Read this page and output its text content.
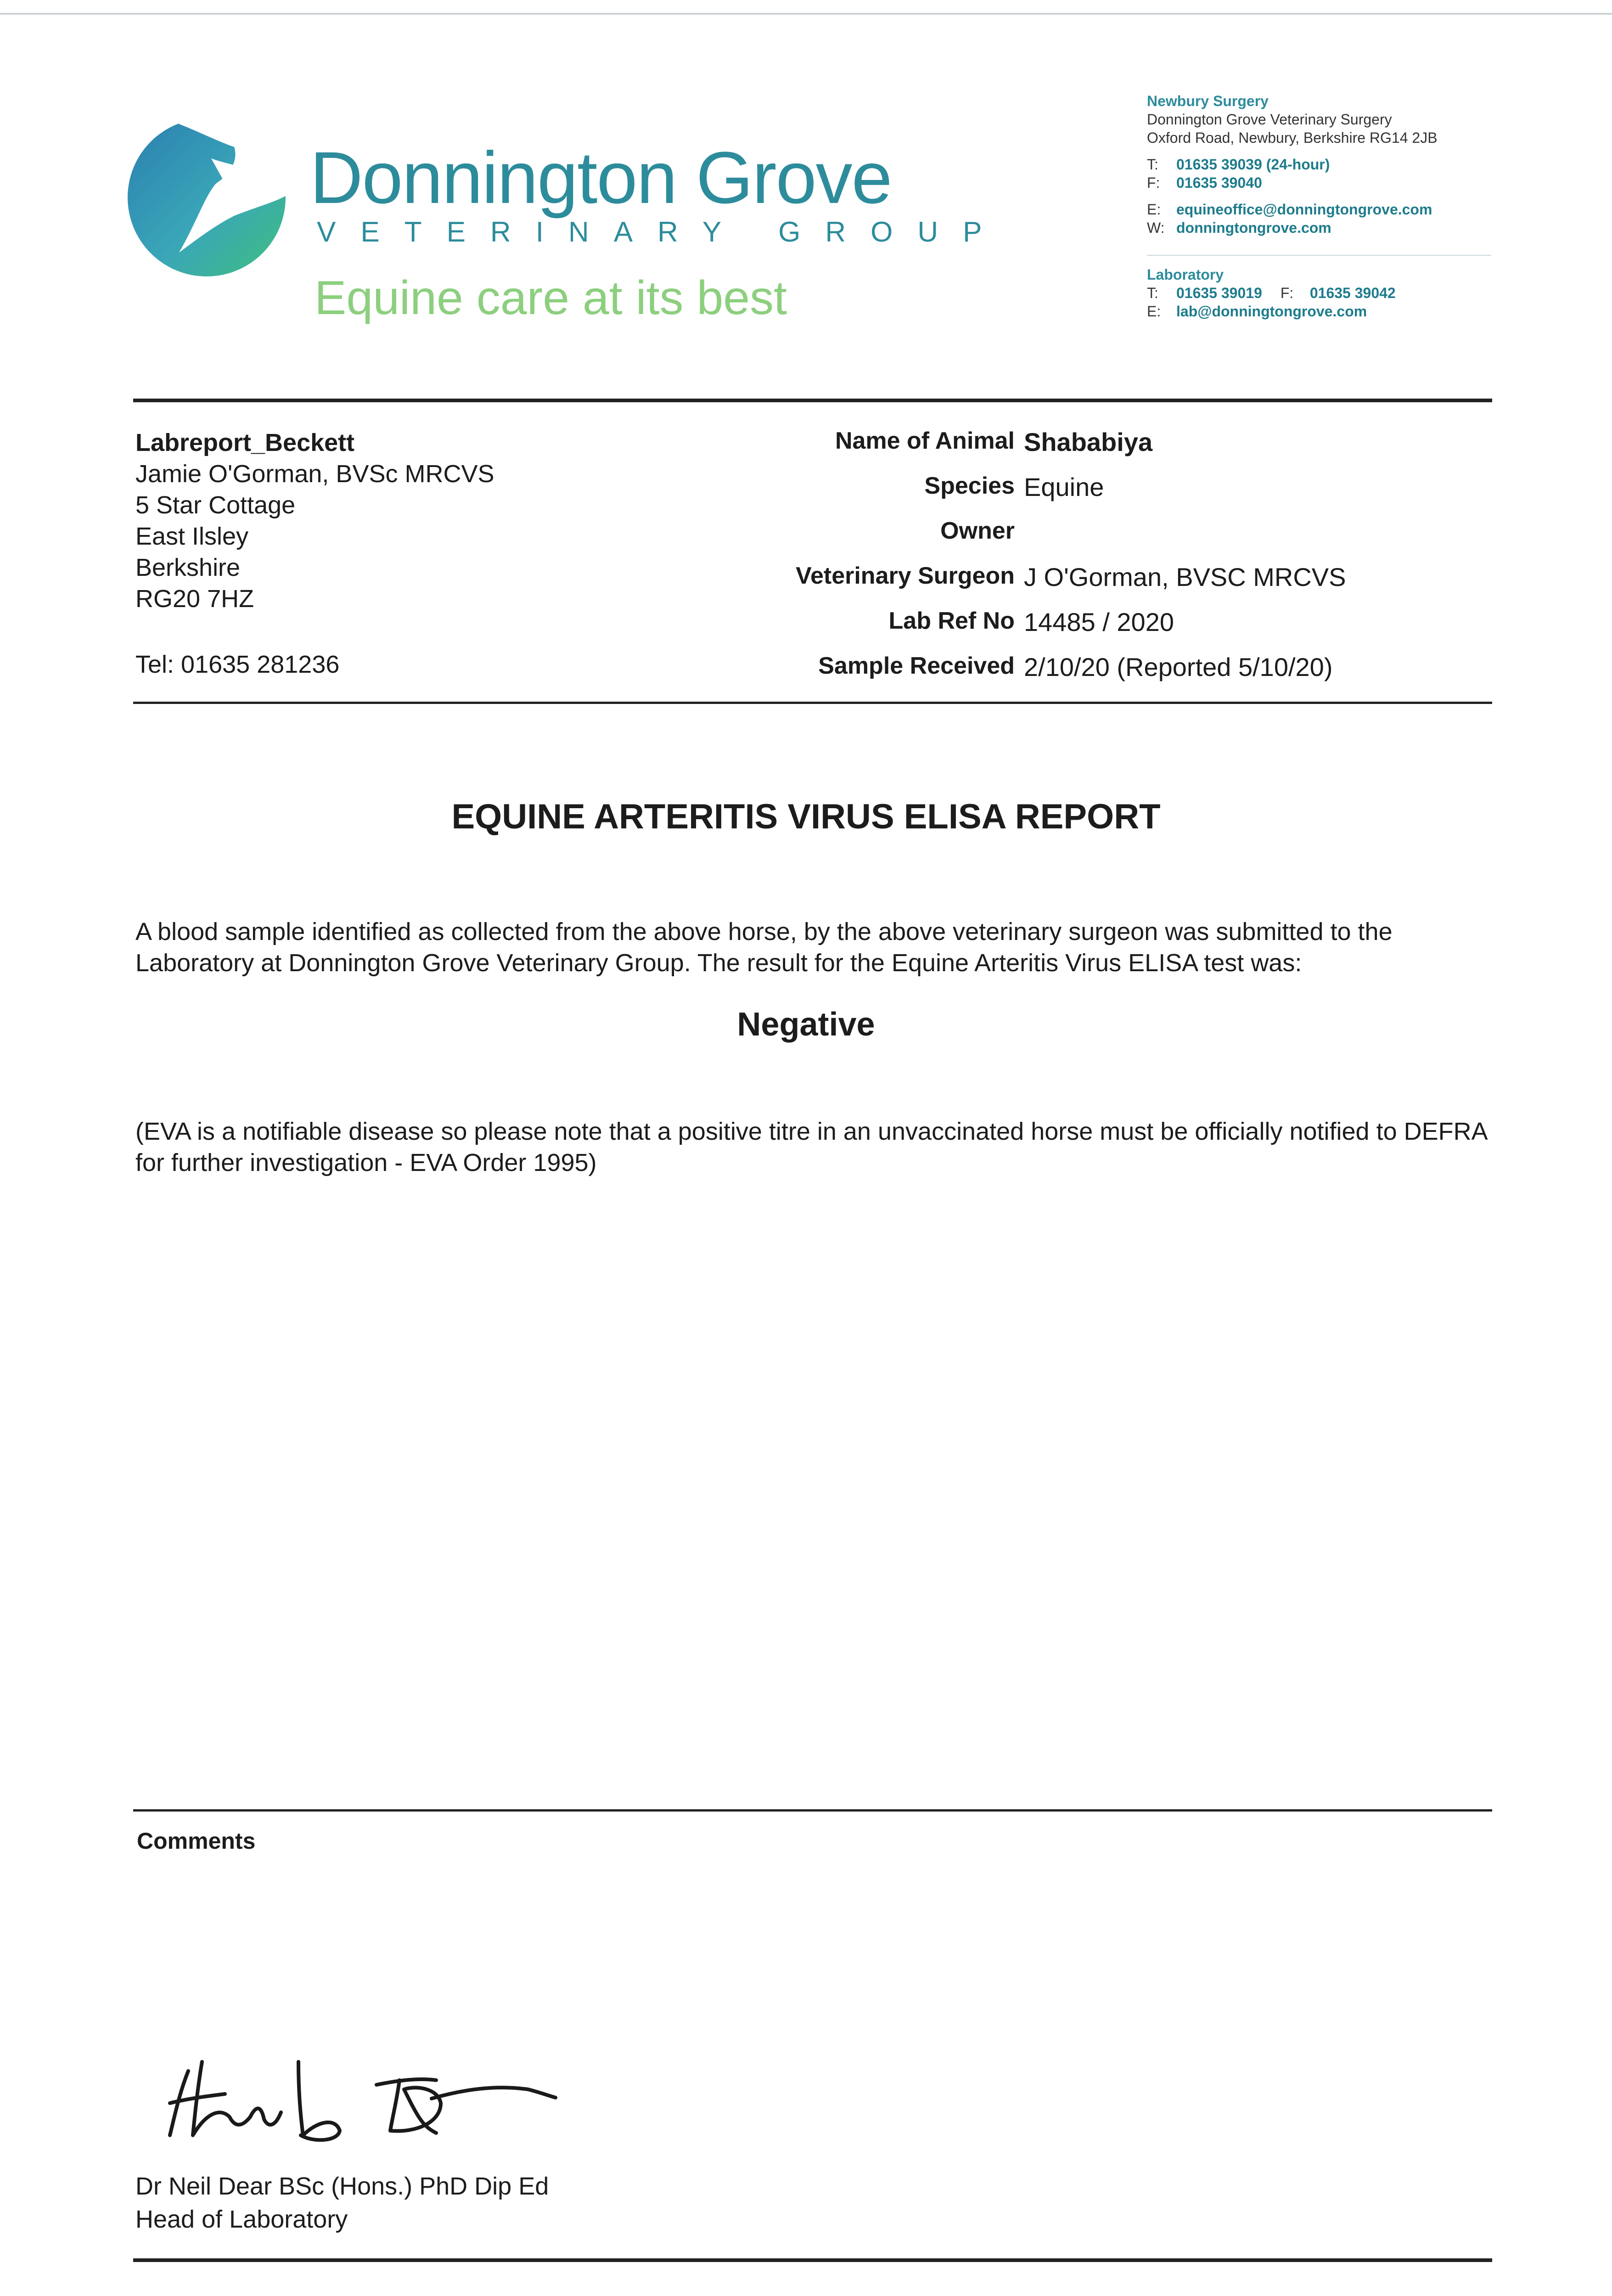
Donnington Grove
VETERINARY GROUP
Equine care at its best
Newbury Surgery
Donnington Grove Veterinary Surgery
Oxford Road, Newbury, Berkshire RG14 2JB
T: 01635 39039 (24-hour)
F: 01635 39040
E: equineoffice@donningtongrove.com
W: donningtongrove.com
Laboratory
T: 01635 39019 F: 01635 39042
E: lab@donningtongrove.com
Labreport_Beckett
Jamie O'Gorman, BVSc MRCVS
5 Star Cottage
East Ilsley
Berkshire
RG20 7HZ
Tel: 01635 281236
Name of Animal Shababiya
Species Equine
Owner
Veterinary Surgeon J O'Gorman, BVSC MRCVS
Lab Ref No 14485 / 2020
Sample Received 2/10/20 (Reported 5/10/20)
EQUINE ARTERITIS VIRUS ELISA REPORT
A blood sample identified as collected from the above horse, by the above veterinary surgeon was submitted to the Laboratory at Donnington Grove Veterinary Group. The result for the Equine Arteritis Virus ELISA test was:
Negative
(EVA is a notifiable disease so please note that a positive titre in an unvaccinated horse must be officially notified to DEFRA for further investigation - EVA Order 1995)
Comments
Dr Neil Dear BSc (Hons.) PhD Dip Ed
Head of Laboratory
